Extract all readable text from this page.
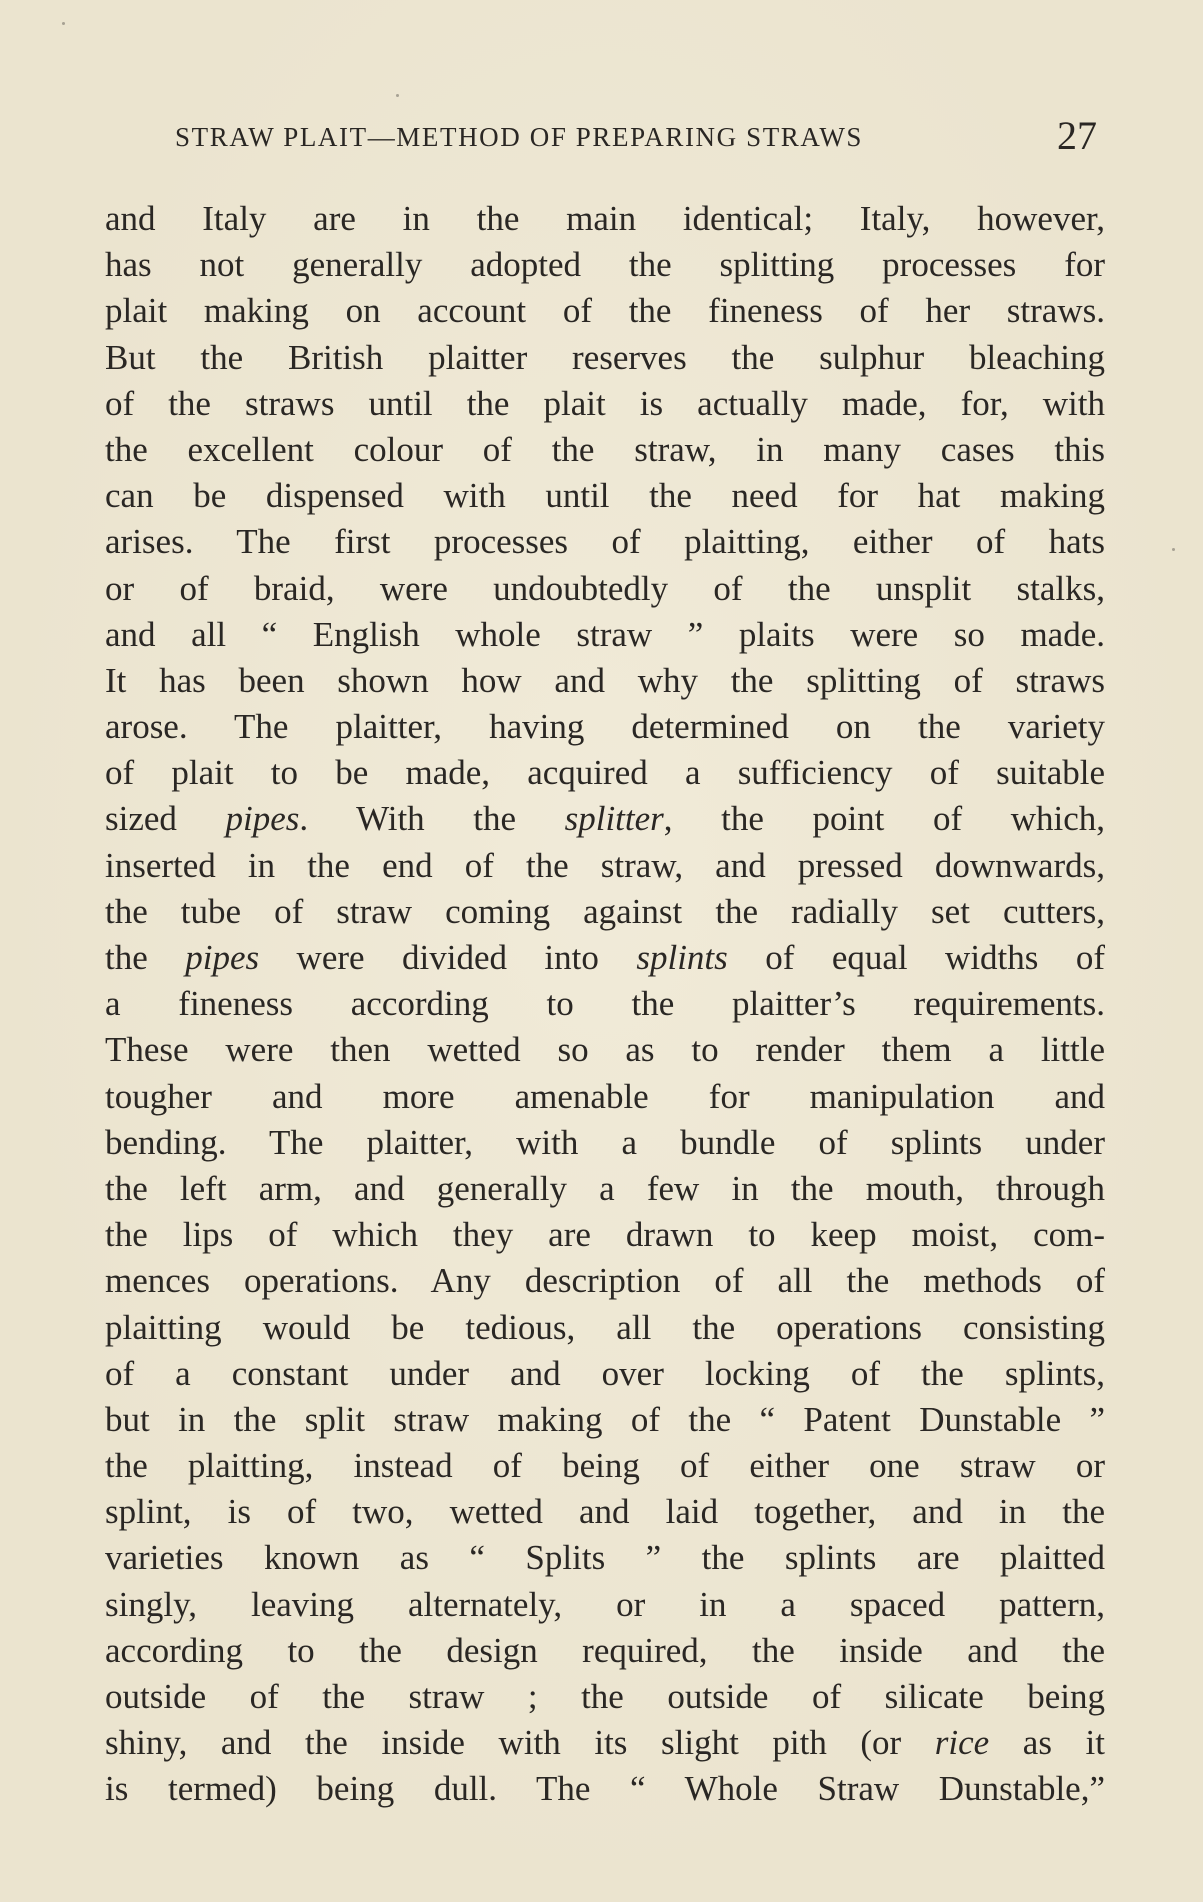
STRAW PLAIT—METHOD OF PREPARING STRAWS	27
and Italy are in the main identical; Italy, however,
has not generally adopted the splitting processes for
plait making on account of the fineness of her straws.
But the British plaitter reserves the sulphur bleaching
of the straws until the plait is actually made, for, with
the excellent colour of the straw, in many cases this
can be dispensed with until the need for hat making
arises. The first processes of plaitting, either of hats
or of braid, were undoubtedly of the unsplit stalks,
and all “ English whole straw ” plaits were so made.
It has been shown how and why the splitting of straws
arose. The plaitter, having determined on the variety
of plait to be made, acquired a sufficiency of suitable
sized pipes. With the splitter, the point of which,
inserted in the end of the straw, and pressed downwards,
the tube of straw coming against the radially set cutters,
the pipes were divided into splints of equal widths of
a fineness according to the plaitter’s requirements.
These were then wetted so as to render them a little
tougher and more amenable for manipulation and
bending. The plaitter, with a bundle of splints under
the left arm, and generally a few in the mouth, through
the lips of which they are drawn to keep moist, com-
mences operations. Any description of all the methods of
plaitting would be tedious, all the operations consisting
of a constant under and over locking of the splints,
but in the split straw making of the “ Patent Dunstable ”
the plaitting, instead of being of either one straw or
splint, is of two, wetted and laid together, and in the
varieties known as “ Splits ” the splints are plaitted
singly, leaving alternately, or in a spaced pattern,
according to the design required, the inside and the
outside of the straw ; the outside of silicate being
shiny, and the inside with its slight pith (or rice as it
is termed) being dull. The “ Whole Straw Dunstable,”
